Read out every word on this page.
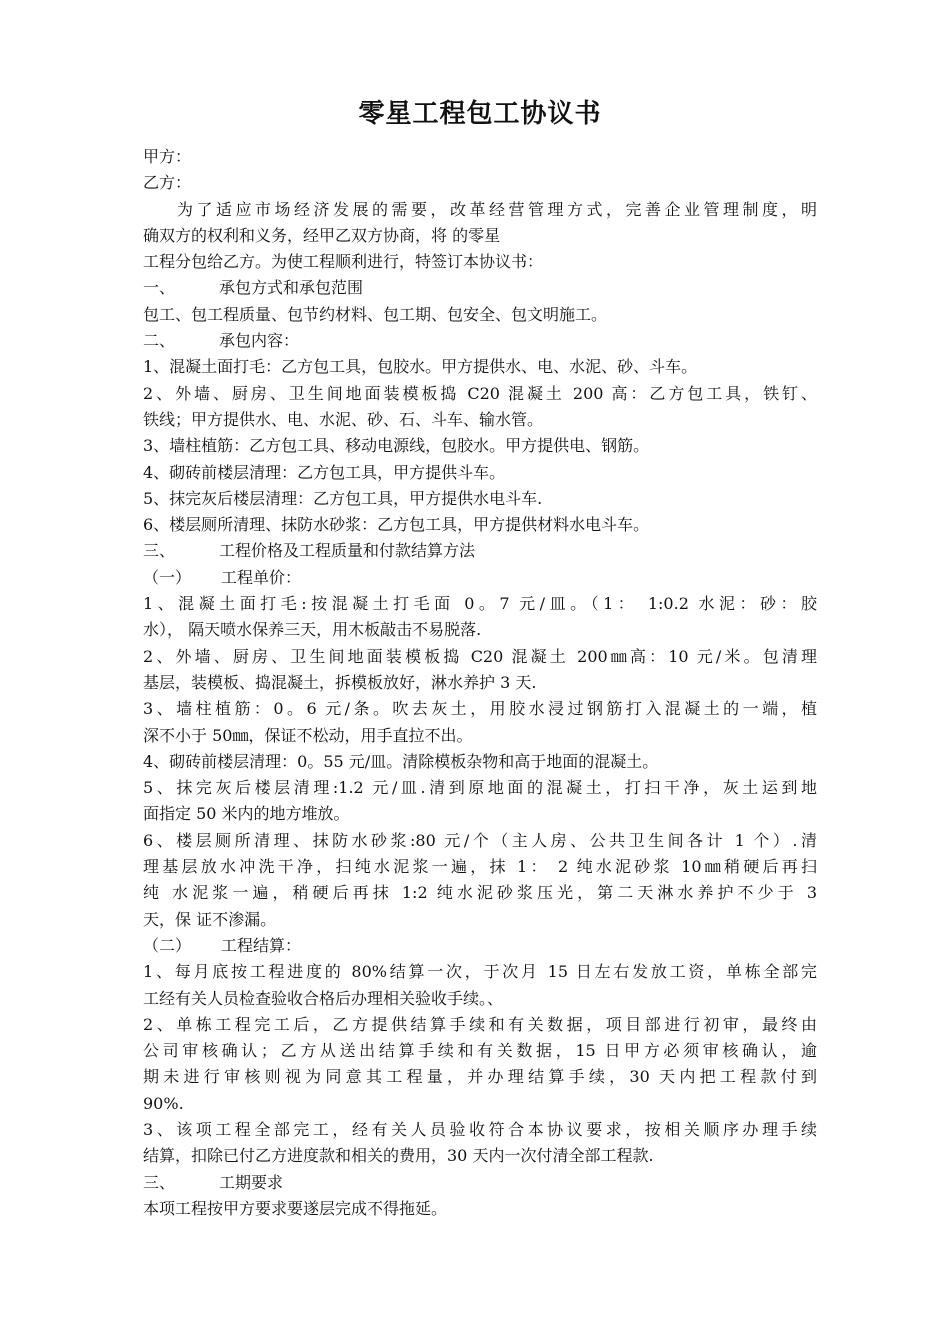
零星工程包工协议书
甲方：
乙方：
为了适应市场经济发展的需要，改革经营管理方式，完善企业管理制度，明
确双方的权利和义务，经甲乙双方协商，将 的零星
工程分包给乙方。为使工程顺利进行，特签订本协议书：
一、	承包方式和承包范围
包工、包工程质量、包节约材料、包工期、包安全、包文明施工。
二、	承包内容：
1、混凝土面打毛：乙方包工具，包胶水。甲方提供水、电、水泥、砂、斗车。
2、外墙、厨房、卫生间地面装模板捣 C20 混凝土 200 高：乙方包工具，铁钉、
铁线；甲方提供水、电、水泥、砂、石、斗车、输水管。
3、墙柱植筋：乙方包工具、移动电源线，包胶水。甲方提供电、钢筋。
4、砌砖前楼层清理：乙方包工具，甲方提供斗车。
5、抹完灰后楼层清理：乙方包工具，甲方提供水电斗车.
6、楼层厕所清理、抹防水砂浆：乙方包工具，甲方提供材料水电斗车。
三、	工程价格及工程质量和付款结算方法
（一） 工程单价：
1、混凝土面打毛:按混凝土打毛面 0。7 元/皿。（1： 1:0.2 水泥：砂：胶
水）， 隔天喷水保养三天，用木板敲击不易脱落.
2、外墙、厨房、卫生间地面装模板捣 C20 混凝土 200㎜高：10 元/米。包清理
基层，装模板、捣混凝土，拆模板放好，淋水养护 3 天.
3、墙柱植筋：0。6 元/条。吹去灰土，用胶水浸过钢筋打入混凝土的一端，植
深不小于 50㎜，保证不松动，用手直拉不出。
4、砌砖前楼层清理：0。55 元/皿。清除模板杂物和高于地面的混凝土。
5、抹完灰后楼层清理:1.2 元/皿.清到原地面的混凝土，打扫干净，灰土运到地
面指定 50 米内的地方堆放。
6、楼层厕所清理、抹防水砂浆:80 元/个（主人房、公共卫生间各计 1 个）.清
理基层放水冲洗干净，扫纯水泥浆一遍，抹 1： 2 纯水泥砂浆 10㎜稍硬后再扫
纯 水泥浆一遍，稍硬后再抹 1:2 纯水泥砂浆压光，第二天淋水养护不少于 3
天，保 证不渗漏。
（二） 工程结算：
1、每月底按工程进度的 80%结算一次，于次月 15 日左右发放工资，单栋全部完
工经有关人员检查验收合格后办理相关验收手续。、
2、单栋工程完工后，乙方提供结算手续和有关数据，项目部进行初审，最终由
公司审核确认；乙方从送出结算手续和有关数据，15 日甲方必须审核确认，逾
期未进行审核则视为同意其工程量，并办理结算手续，30 天内把工程款付到
90%.
3、该项工程全部完工，经有关人员验收符合本协议要求，按相关顺序办理手续
结算，扣除已付乙方进度款和相关的费用，30 天内一次付清全部工程款.
三、	工期要求
本项工程按甲方要求要遂层完成不得拖延。
